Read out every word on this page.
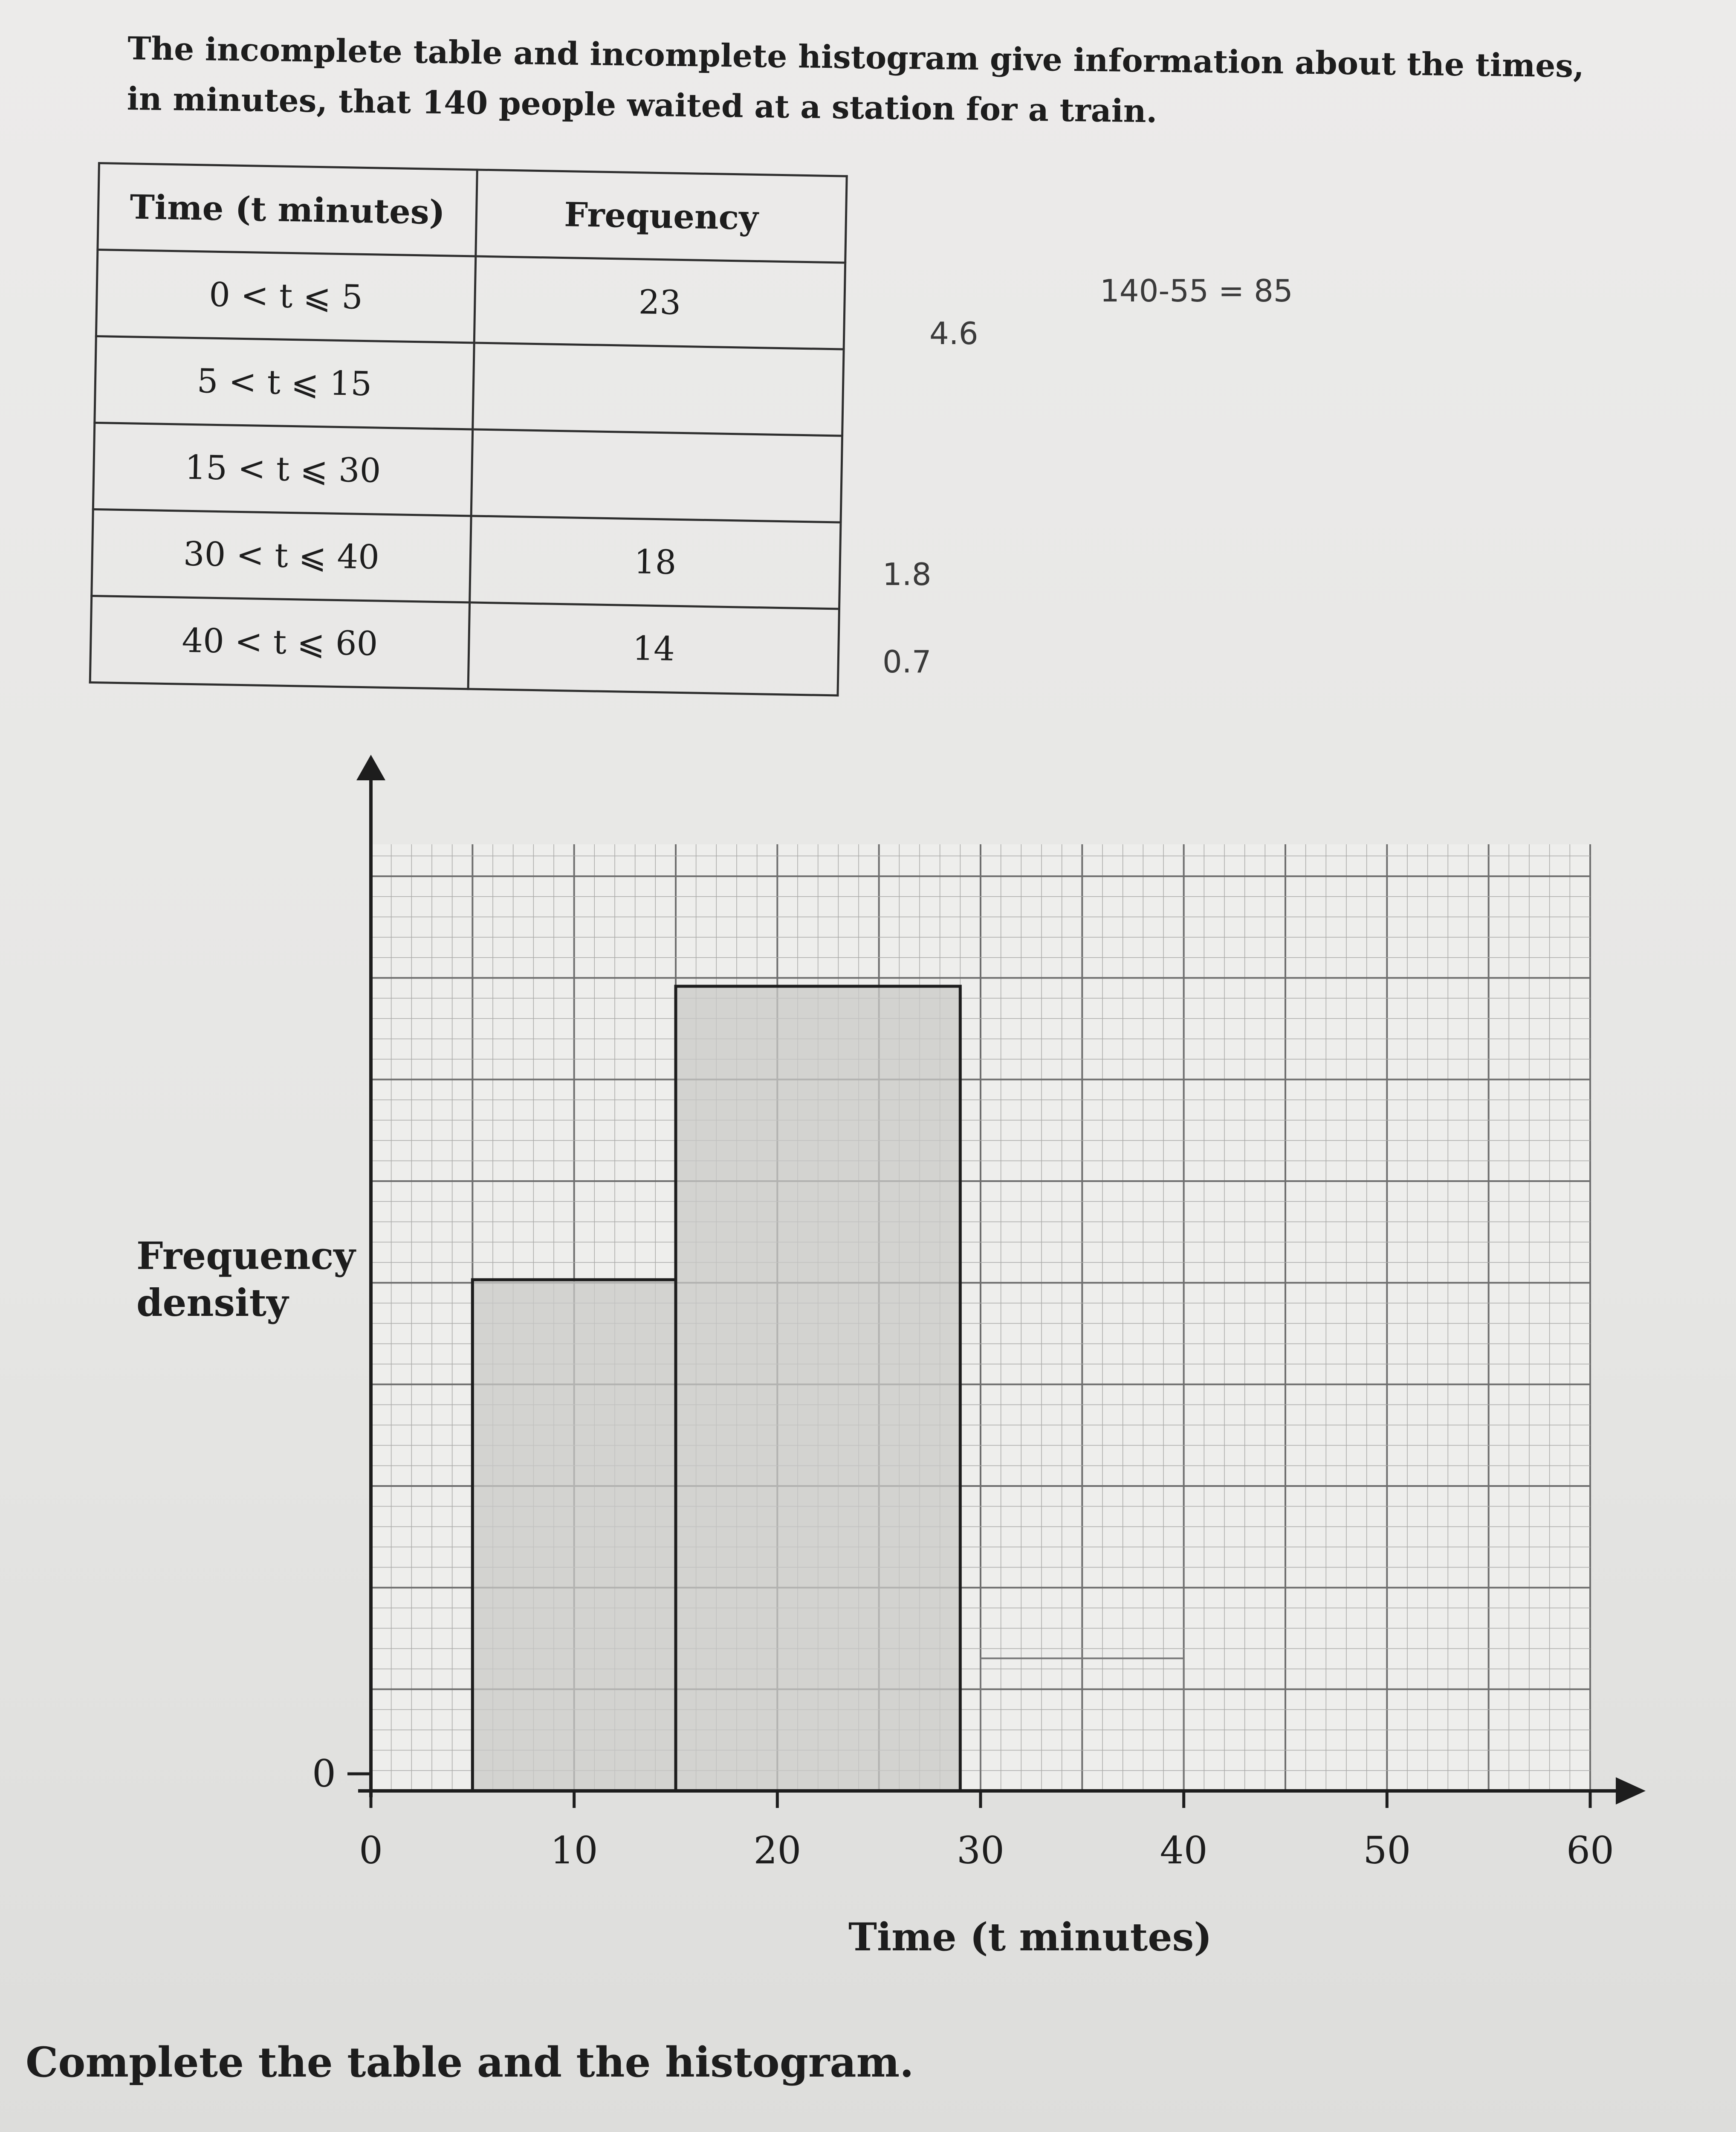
The incomplete table and incomplete histogram give information about the times,
in minutes, that 140 people waited at a station for a train.
Time (t minutes)	Frequency
0 < t ⩽ 5	23
5 < t ⩽ 15	
15 < t ⩽ 30	
30 < t ⩽ 40	18
40 < t ⩽ 60	14
140-55 = 85
4.6
1.8
0.7
0	10	20	30	40	50	60
0
Frequency density
Time (t minutes)
Complete the table and the histogram.
